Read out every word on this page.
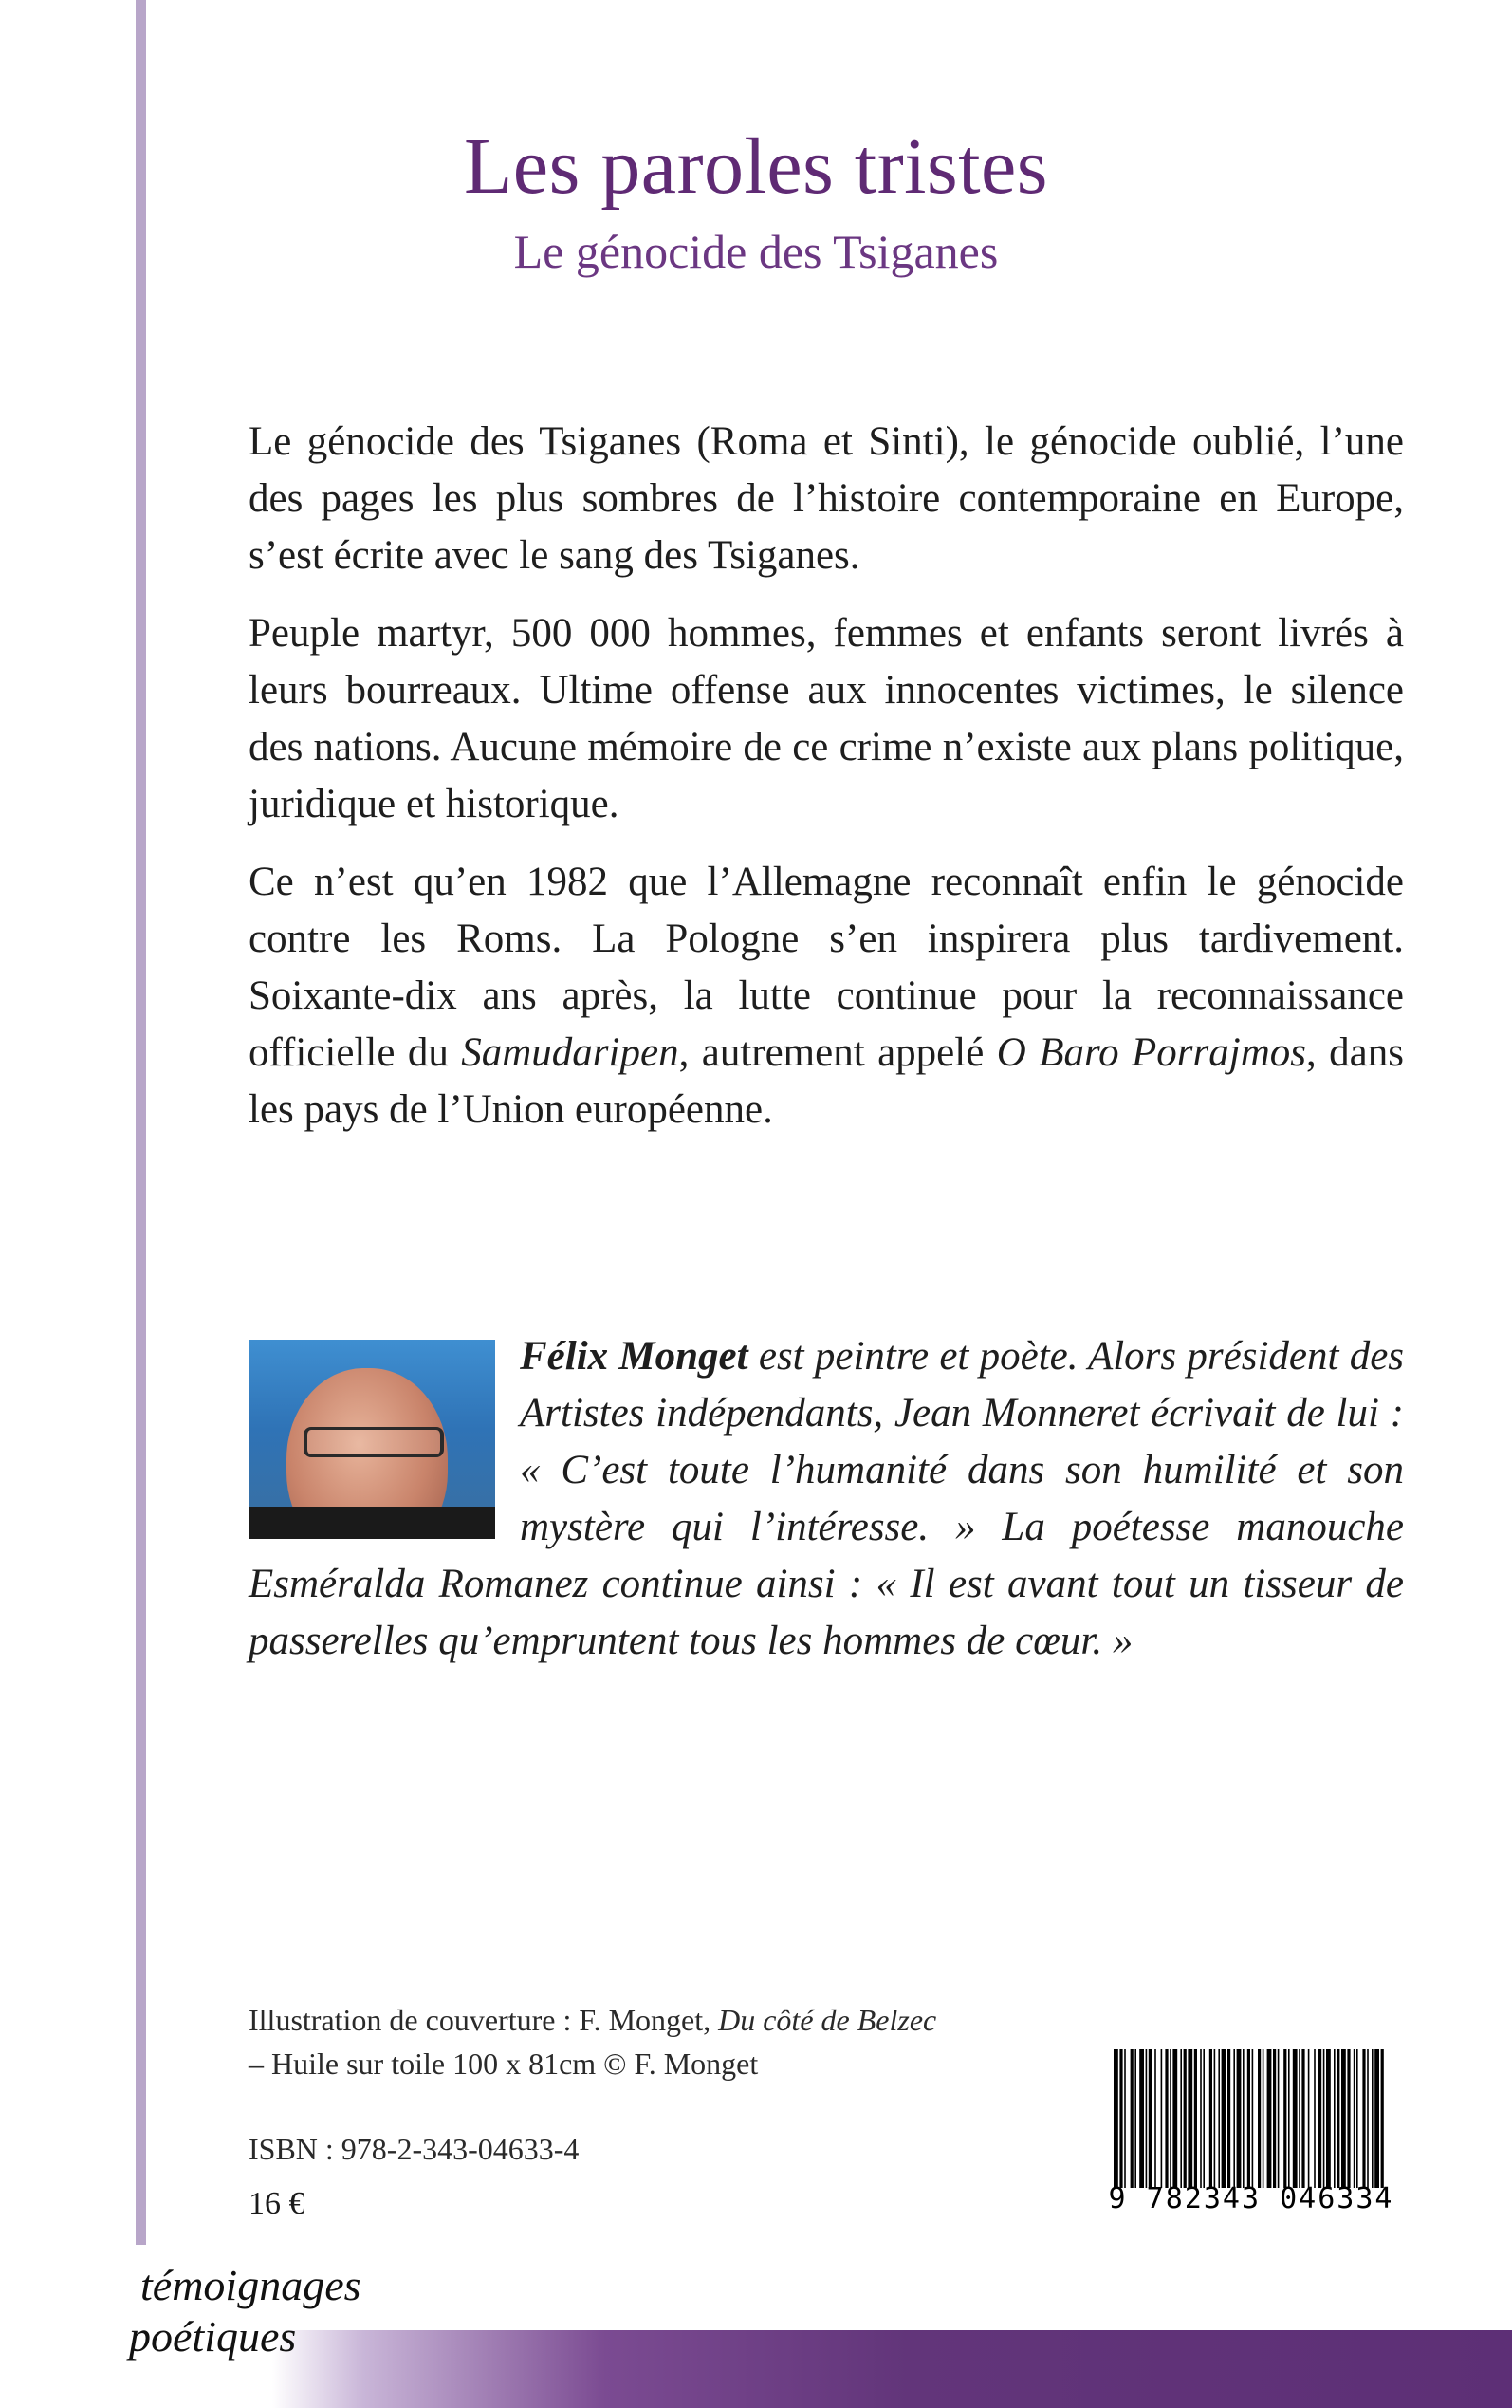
Les paroles tristes
Le génocide des Tsiganes

Le génocide des Tsiganes (Roma et Sinti), le génocide oublié, l’une des pages les plus sombres de l’histoire contemporaine en Europe, s’est écrite avec le sang des Tsiganes.

Peuple martyr, 500 000 hommes, femmes et enfants seront livrés à leurs bourreaux. Ultime offense aux innocentes victimes, le silence des nations. Aucune mémoire de ce crime n’existe aux plans politique, juridique et historique.

Ce n’est qu’en 1982 que l’Allemagne reconnaît enfin le génocide contre les Roms. La Pologne s’en inspirera plus tardivement. Soixante-dix ans après, la lutte continue pour la reconnaissance officielle du Samudaripen, autrement appelé O Baro Porrajmos, dans les pays de l’Union européenne.

Félix Monget est peintre et poète. Alors président des Artistes indépendants, Jean Monneret écrivait de lui : « C’est toute l’humanité dans son humilité et son mystère qui l’intéresse. » La poétesse manouche Esméralda Romanez continue ainsi : « Il est avant tout un tisseur de passerelles qu’empruntent tous les hommes de cœur. »

Illustration de couverture : F. Monget, Du côté de Belzec
– Huile sur toile 100 x 81cm © F. Monget
ISBN : 978-2-343-04633-4
16 €	9 782343 046334
témoignages
poétiques
